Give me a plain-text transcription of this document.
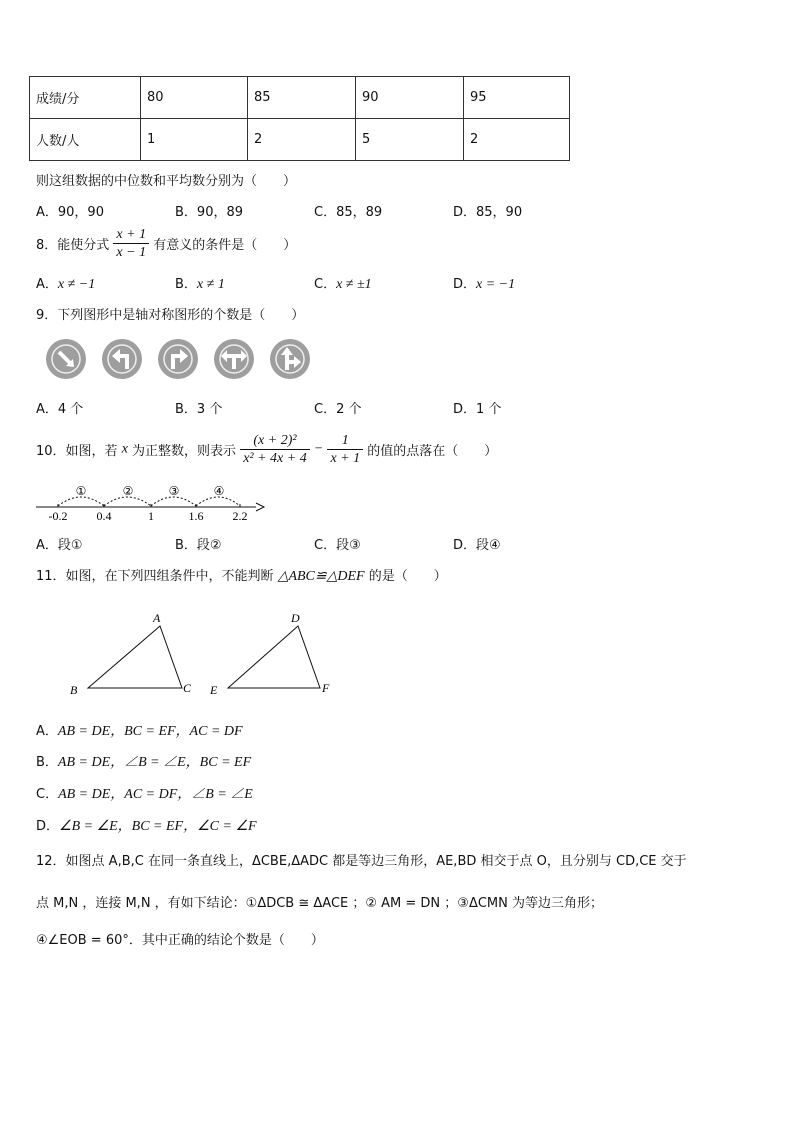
成绩/分	80	85	90	95
人数/人	1	2	5	2
则这组数据的中位数和平均数分别为（　　）
A．90，90	B．90，89	C．85，89	D．85，90
8．能使分式 $\frac{x + 1}{x - 1}$ 有意义的条件是（　　）
A．x ≠ −1	B．x ≠ 1	C．x ≠ ±1	D．x = −1
9．下列图形中是轴对称图形的个数是（　　）
A．4 个	B．3 个	C．2 个	D．1 个
10．如图，若 x 为正整数，则表示 $\frac{\text{(x + 2)²}}{\text{x² + 4x + 4}} - \frac{1}{x + 1}$ 的值的点落在（　　）
①	②	③	④
-0.2 0.4	1	1.6 2.2
A．段①	B．段②	C．段③	D．段④
11．如图，在下列四组条件中，不能判断 △ABC≌△DEF 的是（　　）
A
B	C
D
E	F
A．AB = DE，BC = EF，AC = DF
B．AB = DE，∠B = ∠E，BC = EF
C．AB = DE，AC = DF，∠B = ∠E
D．∠B = ∠E，BC = EF，∠C = ∠F
12．如图点 A,B,C 在同一条直线上，ΔCBE,ΔADC 都是等边三角形，AE,BD 相交于点 O，且分别与 CD,CE 交于
点 M,N ，连接 M,N ，有如下结论：①ΔDCB ≅ ΔACE ；② AM = DN ；③ΔCMN 为等边三角形；
④∠EOB = 60°．其中正确的结论个数是（　　）
